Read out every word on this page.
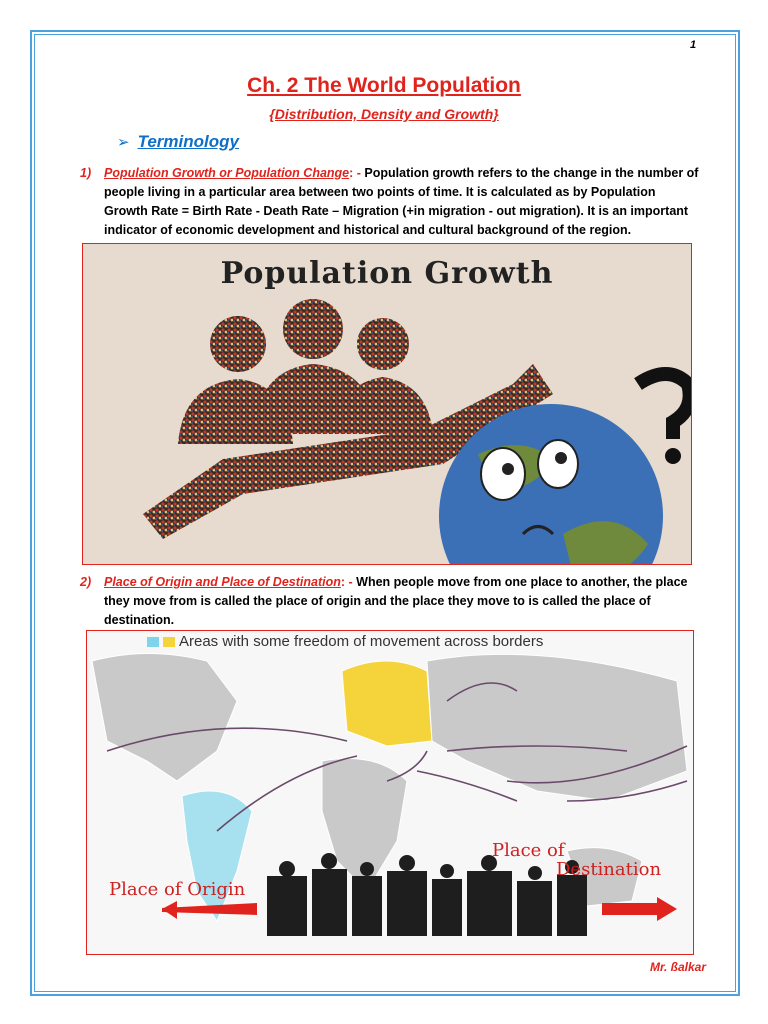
1
Ch. 2 The World Population
{Distribution, Density and Growth}
➢ Terminology
1) Population Growth or Population Change: - Population growth refers to the change in the number of people living in a particular area between two points of time. It is calculated as by Population Growth Rate = Birth Rate - Death Rate – Migration (+in migration - out migration). It is an important indicator of economic development and historical and cultural background of the region.
Population Growth
2) Place of Origin and Place of Destination: - When people move from one place to another, the place they move from is called the place of origin and the place they move to is called the place of destination.
Areas with some freedom of movement across borders
Place of Origin
Place of
Destination
Mr. ßalkar
